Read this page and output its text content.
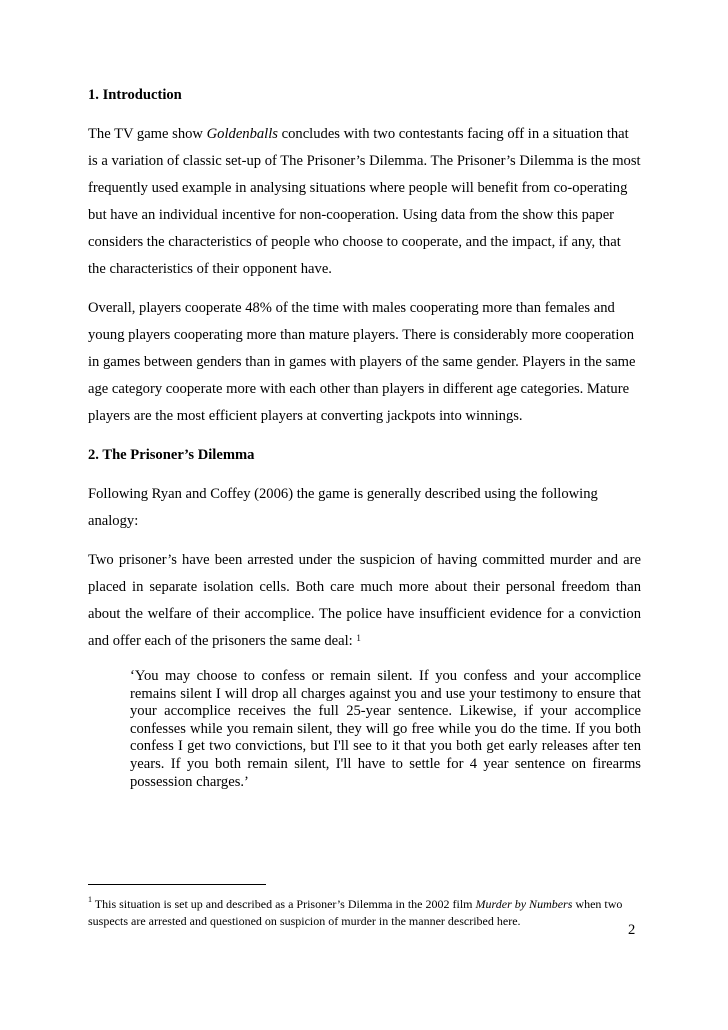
1. Introduction

The TV game show Goldenballs concludes with two contestants facing off in a situation that is a variation of classic set-up of The Prisoner’s Dilemma. The Prisoner’s Dilemma is the most frequently used example in analysing situations where people will benefit from co-operating but have an individual incentive for non-cooperation. Using data from the show this paper considers the characteristics of people who choose to cooperate, and the impact, if any, that the characteristics of their opponent have.

Overall, players cooperate 48% of the time with males cooperating more than females and young players cooperating more than mature players. There is considerably more cooperation in games between genders than in games with players of the same gender. Players in the same age category cooperate more with each other than players in different age categories. Mature players are the most efficient players at converting jackpots into winnings.

2. The Prisoner’s Dilemma

Following Ryan and Coffey (2006) the game is generally described using the following analogy:

Two prisoner’s have been arrested under the suspicion of having committed murder and are placed in separate isolation cells. Both care much more about their personal freedom than about the welfare of their accomplice. The police have insufficient evidence for a conviction and offer each of the prisoners the same deal: $^1$

‘You may choose to confess or remain silent. If you confess and your accomplice remains silent I will drop all charges against you and use your testimony to ensure that your accomplice receives the full 25-year sentence. Likewise, if your accomplice confesses while you remain silent, they will go free while you do the time. If you both confess I get two convictions, but I'll see to it that you both get early releases after ten years. If you both remain silent, I'll have to settle for 4 year sentence on firearms possession charges.’

$^1$ This situation is set up and described as a Prisoner’s Dilemma in the 2002 film Murder by Numbers when two suspects are arrested and questioned on suspicion of murder in the manner described here.

2
